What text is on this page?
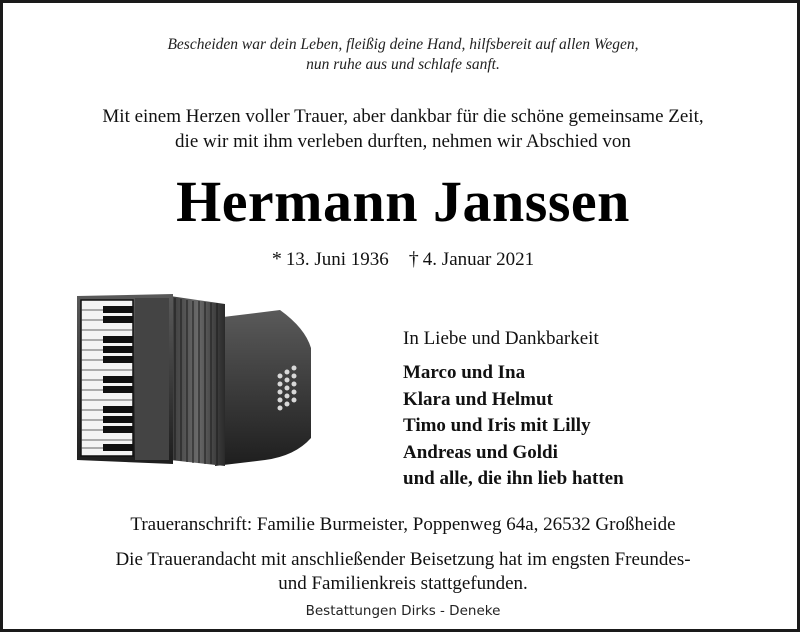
Bescheiden war dein Leben, fleißig deine Hand, hilfsbereit auf allen Wegen,
nun ruhe aus und schlafe sanft.
Mit einem Herzen voller Trauer, aber dankbar für die schöne gemeinsame Zeit,
die wir mit ihm verleben durften, nehmen wir Abschied von
Hermann Janssen
* 13. Juni 1936 † 4. Januar 2021
In Liebe und Dankbarkeit
Marco und Ina
Klara und Helmut
Timo und Iris mit Lilly
Andreas und Goldi
und alle, die ihn lieb hatten
Traueranschrift: Familie Burmeister, Poppenweg 64a, 26532 Großheide
Die Trauerandacht mit anschließender Beisetzung hat im engsten Freundes-
und Familienkreis stattgefunden.
Bestattungen Dirks - Deneke
